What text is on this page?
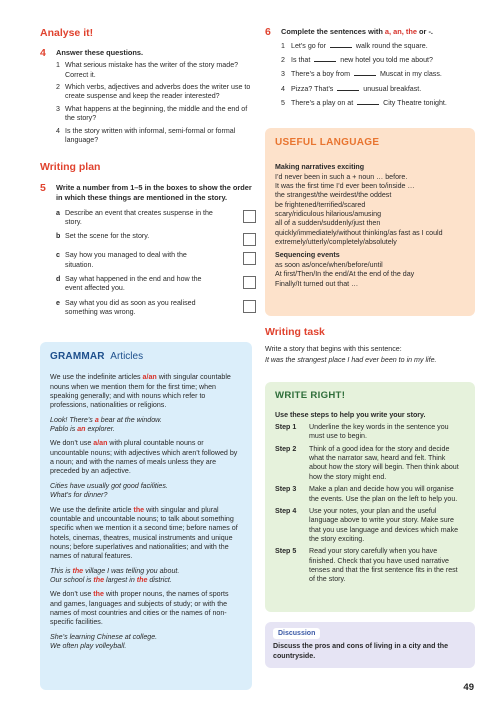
Analyse it!
4	Answer these questions.
1 What serious mistake has the writer of the story made? Correct it.
2 Which verbs, adjectives and adverbs does the writer use to create suspense and keep the reader interested?
3 What happens at the beginning, the middle and the end of the story?
4 Is the story written with informal, semi-formal or formal language?
Writing plan
5	Write a number from 1–5 in the boxes to show the order in which these things are mentioned in the story.
a Describe an event that creates suspense in the story.
b Set the scene for the story.
c Say how you managed to deal with the situation.
d Say what happened in the end and how the event affected you.
e Say what you did as soon as you realised something was wrong.
GRAMMAR Articles

We use the indefinite articles a/an with singular countable nouns when we mention them for the first time; when speaking generally; and with nouns which refer to professions, nationalities or religions.

Look! There’s a bear at the window.

Pablo is an explorer.

We don’t use a/an with plural countable nouns or uncountable nouns; with adjectives which aren’t followed by a noun; and with the names of meals unless they are preceded by an adjective.

Cities have usually got good facilities.

What’s for dinner?

We use the definite article the with singular and plural countable and uncountable nouns; to talk about something specific when we mention it a second time; before names of hotels, cinemas, theatres, musical instruments and unique nouns; before superlatives and nationalities; and with the names of natural features.

This is the village I was telling you about.

Our school is the largest in the district.

We don’t use the with proper nouns, the names of sports and games, languages and subjects of study; or with the names of most countries and cities or the names of non-specific facilities.

She’s learning Chinese at college.
We often play volleyball.
6	Complete the sentences with a, an, the or -.
1 Let’s go for	walk round the square.
2 Is that	new hotel you told me about?
3 There’s a boy from	Muscat in my class.
4 Pizza? That’s	unusual breakfast.
5 There’s a play on at	City Theatre tonight.
USEFUL LANGUAGE
Making narratives exciting
I’d never been in such a + noun … before.
It was the first time I’d ever been to/inside …
the strangest/the weirdest/the oddest
be frightened/terrified/scared
scary/ridiculous hilarious/amusing
all of a sudden/suddenly/just then
quickly/immediately/without thinking/as fast as I could
extremely/utterly/completely/absolutely
Sequencing events
as soon as/once/when/before/until
At first/Then/In the end/At the end of the day
Finally/It turned out that …
Writing task
Write a story that begins with this sentence:
It was the strangest place I had ever been to in my life.
WRITE RIGHT!
Use these steps to help you write your story.
Step 1	Underline the key words in the sentence you must use to begin.
Step 2	Think of a good idea for the story and decide what the narrator saw, heard and felt. Think about how the story will begin. Then think about how the story might end.
Step 3	Make a plan and decide how you will organise the events. Use the plan on the left to help you.
Step 4	Use your notes, your plan and the useful language above to write your story. Make sure that you use language and devices which make the story exciting.
Step 5	Read your story carefully when you have finished. Check that you have used narrative tenses and that the first sentence fits in the rest of the story.
Discussion
Discuss the pros and cons of living in a city and the countryside.
49
